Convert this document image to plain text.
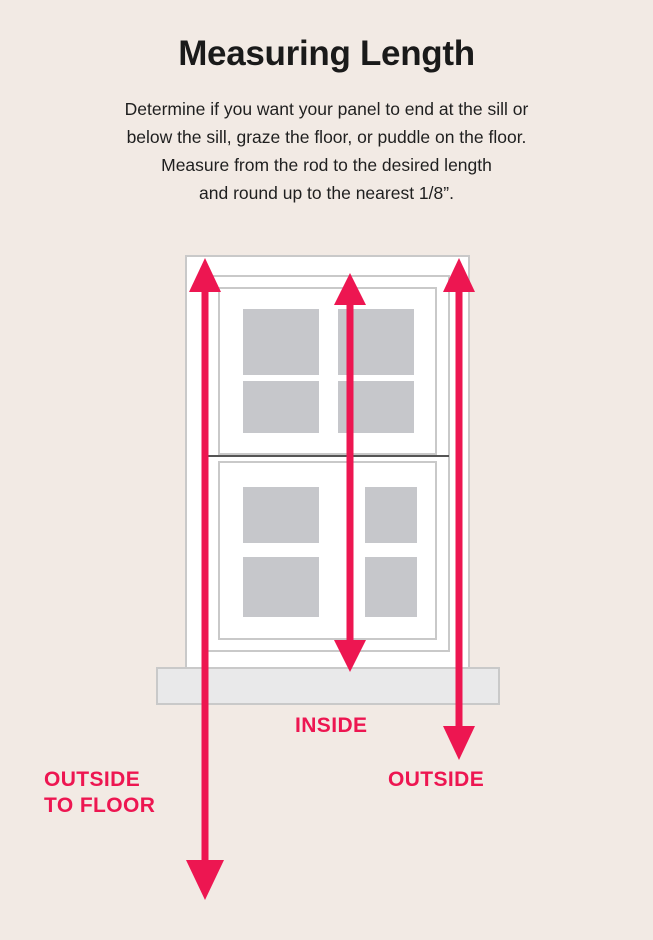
Measuring Length
Determine if you want your panel to end at the sill or
below the sill, graze the floor, or puddle on the floor.
Measure from the rod to the desired length
and round up to the nearest 1/8”.
INSIDE
OUTSIDE
OUTSIDE
TO FLOOR
